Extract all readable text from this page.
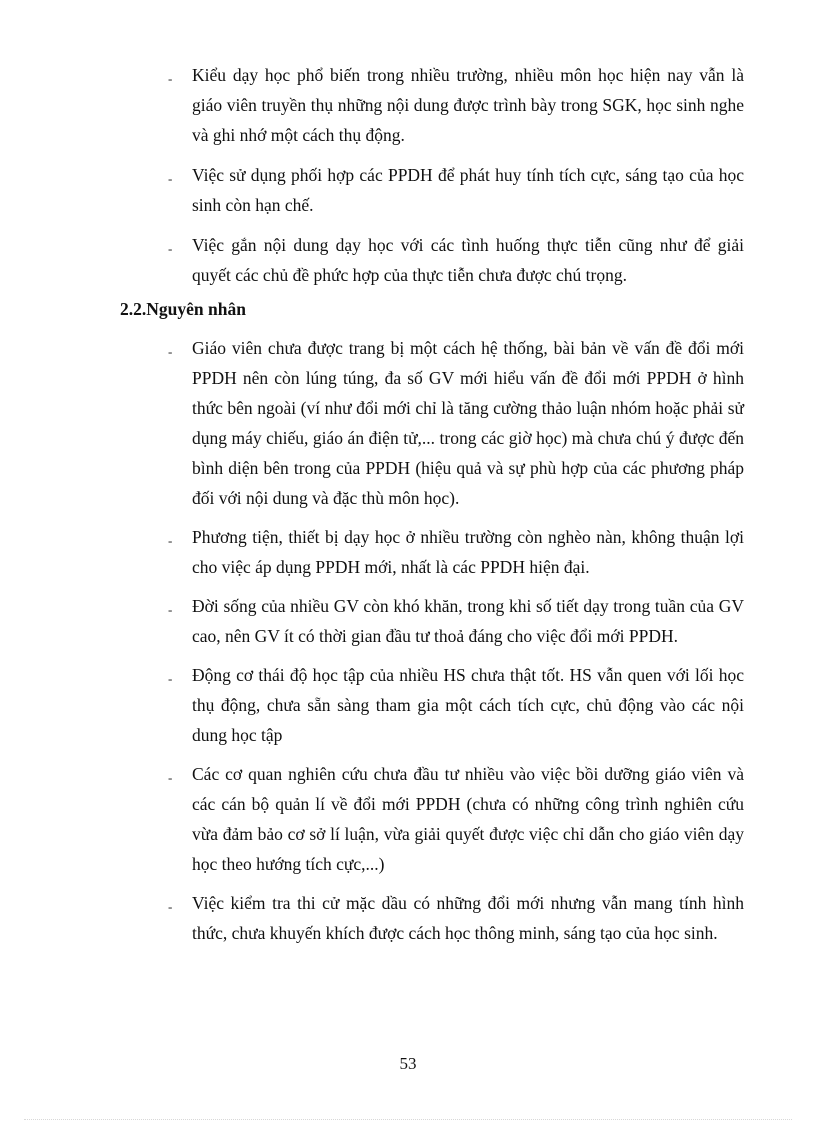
- Kiểu dạy học phổ biến trong nhiều trường, nhiều môn học hiện nay vẫn là giáo viên truyền thụ những nội dung được trình bày trong SGK, học sinh nghe và ghi nhớ một cách thụ động.
- Việc sử dụng phối hợp các PPDH để phát huy tính tích cực, sáng tạo của học sinh còn hạn chế.
- Việc gắn nội dung dạy học với các tình huống thực tiễn cũng như để giải quyết các chủ đề phức hợp của thực tiễn chưa được chú trọng.
2.2.Nguyên nhân
- Giáo viên chưa được trang bị một cách hệ thống, bài bản về vấn đề đổi mới PPDH nên còn lúng túng, đa số GV mới hiểu vấn đề đổi mới PPDH ở hình thức bên ngoài (ví như đổi mới chỉ là tăng cường thảo luận nhóm hoặc phải sử dụng máy chiếu, giáo án điện tử,... trong các giờ học) mà chưa chú ý được đến bình diện bên trong của PPDH (hiệu quả và sự phù hợp của các phương pháp đối với nội dung và đặc thù môn học).
- Phương tiện, thiết bị dạy học ở nhiều trường còn nghèo nàn, không thuận lợi cho việc áp dụng PPDH mới, nhất là các PPDH hiện đại.
- Đời sống của nhiều GV còn khó khăn, trong khi số tiết dạy trong tuần của GV cao, nên GV ít có thời gian đầu tư thoả đáng cho việc đổi mới PPDH.
- Động cơ thái độ học tập của nhiều HS chưa thật tốt. HS vẫn quen với lối học thụ động, chưa sẵn sàng tham gia một cách tích cực, chủ động vào các nội dung học tập
- Các cơ quan nghiên cứu chưa đầu tư nhiều vào việc bồi dưỡng giáo viên và các cán bộ quản lí về đổi mới PPDH (chưa có những công trình nghiên cứu vừa đảm bảo cơ sở lí luận, vừa giải quyết được việc chỉ dẫn cho giáo viên dạy học theo hướng tích cực,...)
- Việc kiểm tra thi cử mặc dầu có những đổi mới nhưng vẫn mang tính hình thức, chưa khuyến khích được cách học thông minh, sáng tạo của học sinh.
53
